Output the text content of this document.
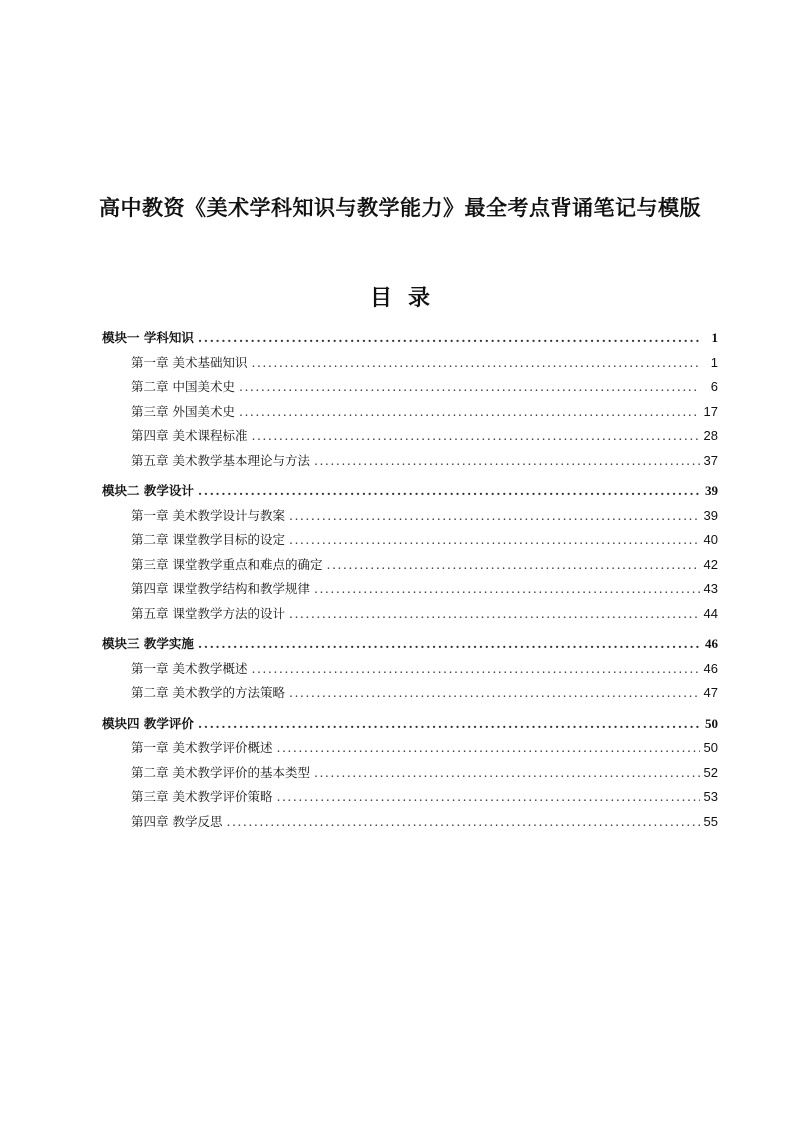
高中教资《美术学科知识与教学能力》最全考点背诵笔记与模版
目录
模块一 学科知识 .....	1
第一章 美术基础知识 .....	1
第二章 中国美术史 .....	6
第三章 外国美术史 .....	17
第四章 美术课程标准 .....	28
第五章 美术教学基本理论与方法 .....	37
模块二 教学设计 .....	39
第一章 美术教学设计与教案 .....	39
第二章 课堂教学目标的设定 .....	40
第三章 课堂教学重点和难点的确定 .....	42
第四章 课堂教学结构和教学规律 .....	43
第五章 课堂教学方法的设计 .....	44
模块三 教学实施 .....	46
第一章 美术教学概述 .....	46
第二章 美术教学的方法策略 .....	47
模块四 教学评价 .....	50
第一章 美术教学评价概述 .....	50
第二章 美术教学评价的基本类型 .....	52
第三章 美术教学评价策略 .....	53
第四章 教学反思 .....	55
